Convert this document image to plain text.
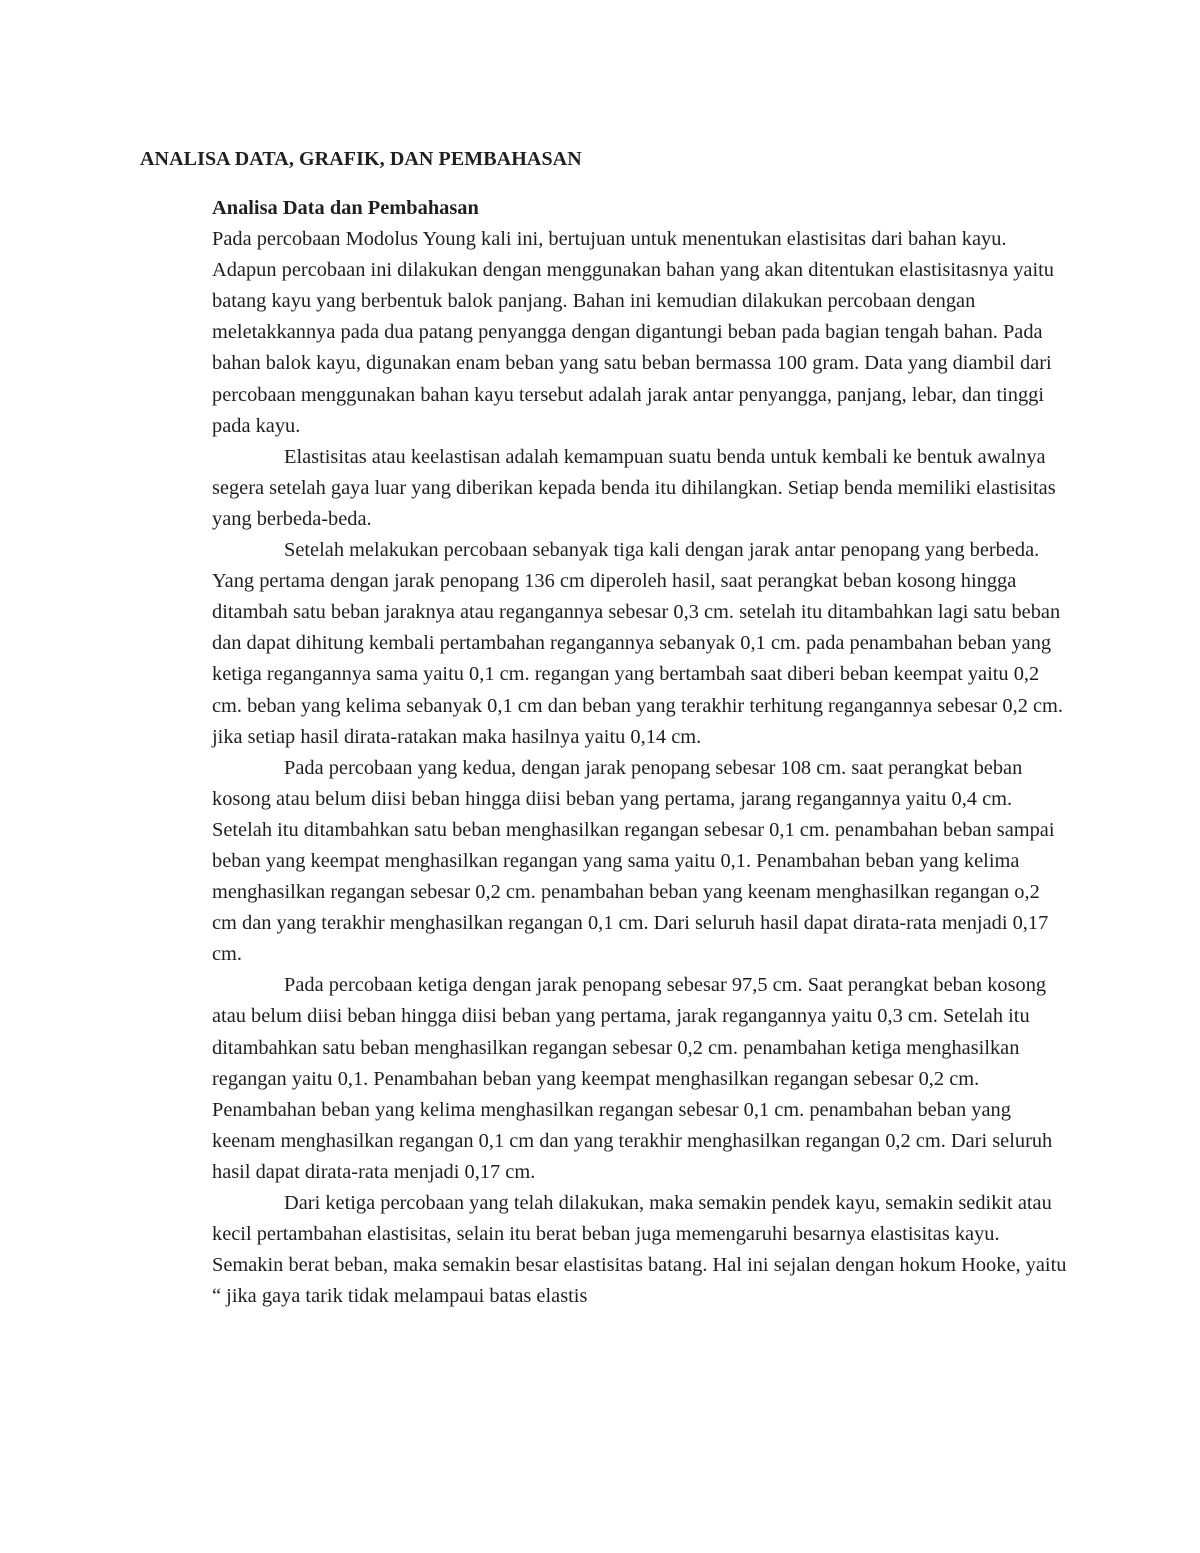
ANALISA DATA, GRAFIK, DAN PEMBAHASAN
Analisa Data dan Pembahasan

Pada percobaan Modolus Young kali ini, bertujuan untuk menentukan elastisitas dari bahan kayu. Adapun percobaan ini dilakukan dengan menggunakan bahan yang akan ditentukan elastisitasnya yaitu batang kayu yang berbentuk balok panjang. Bahan ini kemudian dilakukan percobaan dengan meletakkannya pada dua patang penyangga dengan digantungi beban pada bagian tengah bahan. Pada bahan balok kayu, digunakan enam beban yang satu beban bermassa 100 gram. Data yang diambil dari percobaan menggunakan bahan kayu tersebut adalah jarak antar penyangga, panjang, lebar, dan tinggi pada kayu.

Elastisitas atau keelastisan adalah kemampuan suatu benda untuk kembali ke bentuk awalnya segera setelah gaya luar yang diberikan kepada benda itu dihilangkan. Setiap benda memiliki elastisitas yang berbeda-beda.

Setelah melakukan percobaan sebanyak tiga kali dengan jarak antar penopang yang berbeda. Yang pertama dengan jarak penopang 136 cm diperoleh hasil, saat perangkat beban kosong hingga ditambah satu beban jaraknya atau regangannya sebesar 0,3 cm. setelah itu ditambahkan lagi satu beban dan dapat dihitung kembali pertambahan regangannya sebanyak 0,1 cm. pada penambahan beban yang ketiga regangannya sama yaitu 0,1 cm. regangan yang bertambah saat diberi beban keempat yaitu 0,2 cm. beban yang kelima sebanyak 0,1 cm dan beban yang terakhir terhitung regangannya sebesar 0,2 cm. jika setiap hasil dirata-ratakan maka hasilnya yaitu 0,14 cm.

Pada percobaan yang kedua, dengan jarak penopang sebesar 108 cm. saat perangkat beban kosong atau belum diisi beban hingga diisi beban yang pertama, jarang regangannya yaitu 0,4 cm. Setelah itu ditambahkan satu beban menghasilkan regangan sebesar 0,1 cm. penambahan beban sampai beban yang keempat menghasilkan regangan yang sama yaitu 0,1. Penambahan beban yang kelima menghasilkan regangan sebesar 0,2 cm. penambahan beban yang keenam menghasilkan regangan o,2 cm dan yang terakhir menghasilkan regangan 0,1 cm. Dari seluruh hasil dapat dirata-rata menjadi 0,17 cm.

Pada percobaan ketiga dengan jarak penopang sebesar 97,5 cm. Saat perangkat beban kosong atau belum diisi beban hingga diisi beban yang pertama, jarak regangannya yaitu 0,3 cm. Setelah itu ditambahkan satu beban menghasilkan regangan sebesar 0,2 cm. penambahan ketiga menghasilkan regangan yaitu 0,1. Penambahan beban yang keempat menghasilkan regangan sebesar 0,2 cm. Penambahan beban yang kelima menghasilkan regangan sebesar 0,1 cm. penambahan beban yang keenam menghasilkan regangan 0,1 cm dan yang terakhir menghasilkan regangan 0,2 cm. Dari seluruh hasil dapat dirata-rata menjadi 0,17 cm.

Dari ketiga percobaan yang telah dilakukan, maka semakin pendek kayu, semakin sedikit atau kecil pertambahan elastisitas, selain itu berat beban juga memengaruhi besarnya elastisitas kayu. Semakin berat beban, maka semakin besar elastisitas batang. Hal ini sejalan dengan hokum Hooke, yaitu “ jika gaya tarik tidak melampaui batas elastis
